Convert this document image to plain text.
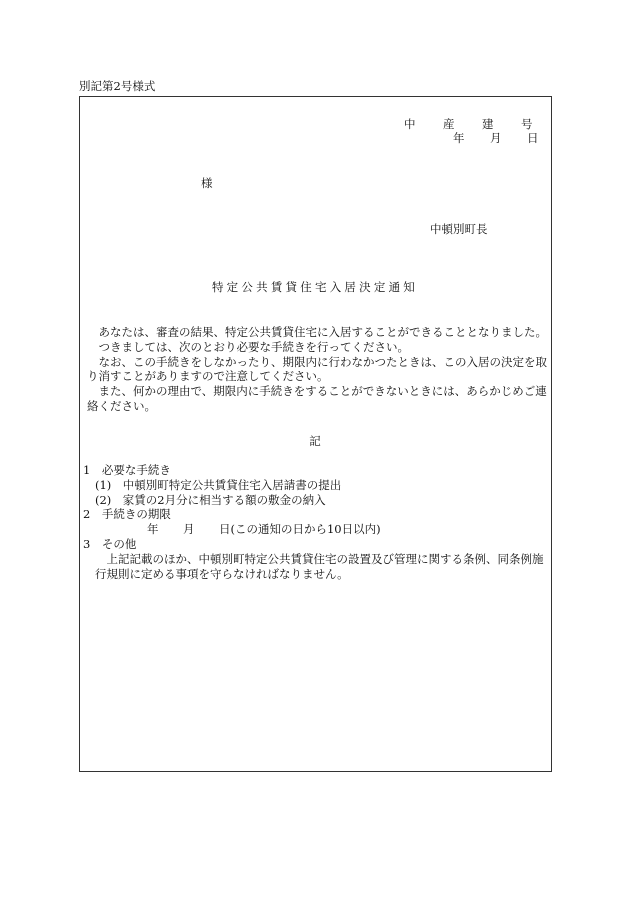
別記第2号様式
中 産 建 号
年 月 日
様
中頓別町長
特定公共賃貸住宅入居決定通知

あなたは、審査の結果、特定公共賃貸住宅に入居することができることとなりました。

つきましては、次のとおり必要な手続きを行ってください。

なお、この手続きをしなかったり、期限内に行わなかつたときは、この入居の決定を取り消すことがありますので注意してください。

また、何かの理由で、期限内に手続きをすることができないときには、あらかじめご連絡ください。

記
1　必要な手続き
(1)　中頓別町特定公共賃貸住宅入居請書の提出
(2)　家賃の2月分に相当する額の敷金の納入
2　手続きの期限
年 月 日(この通知の日から10日以内)
3　その他
上記記載のほか、中頓別町特定公共賃貸住宅の設置及び管理に関する条例、同条例施行規則に定める事項を守らなければなりません。
